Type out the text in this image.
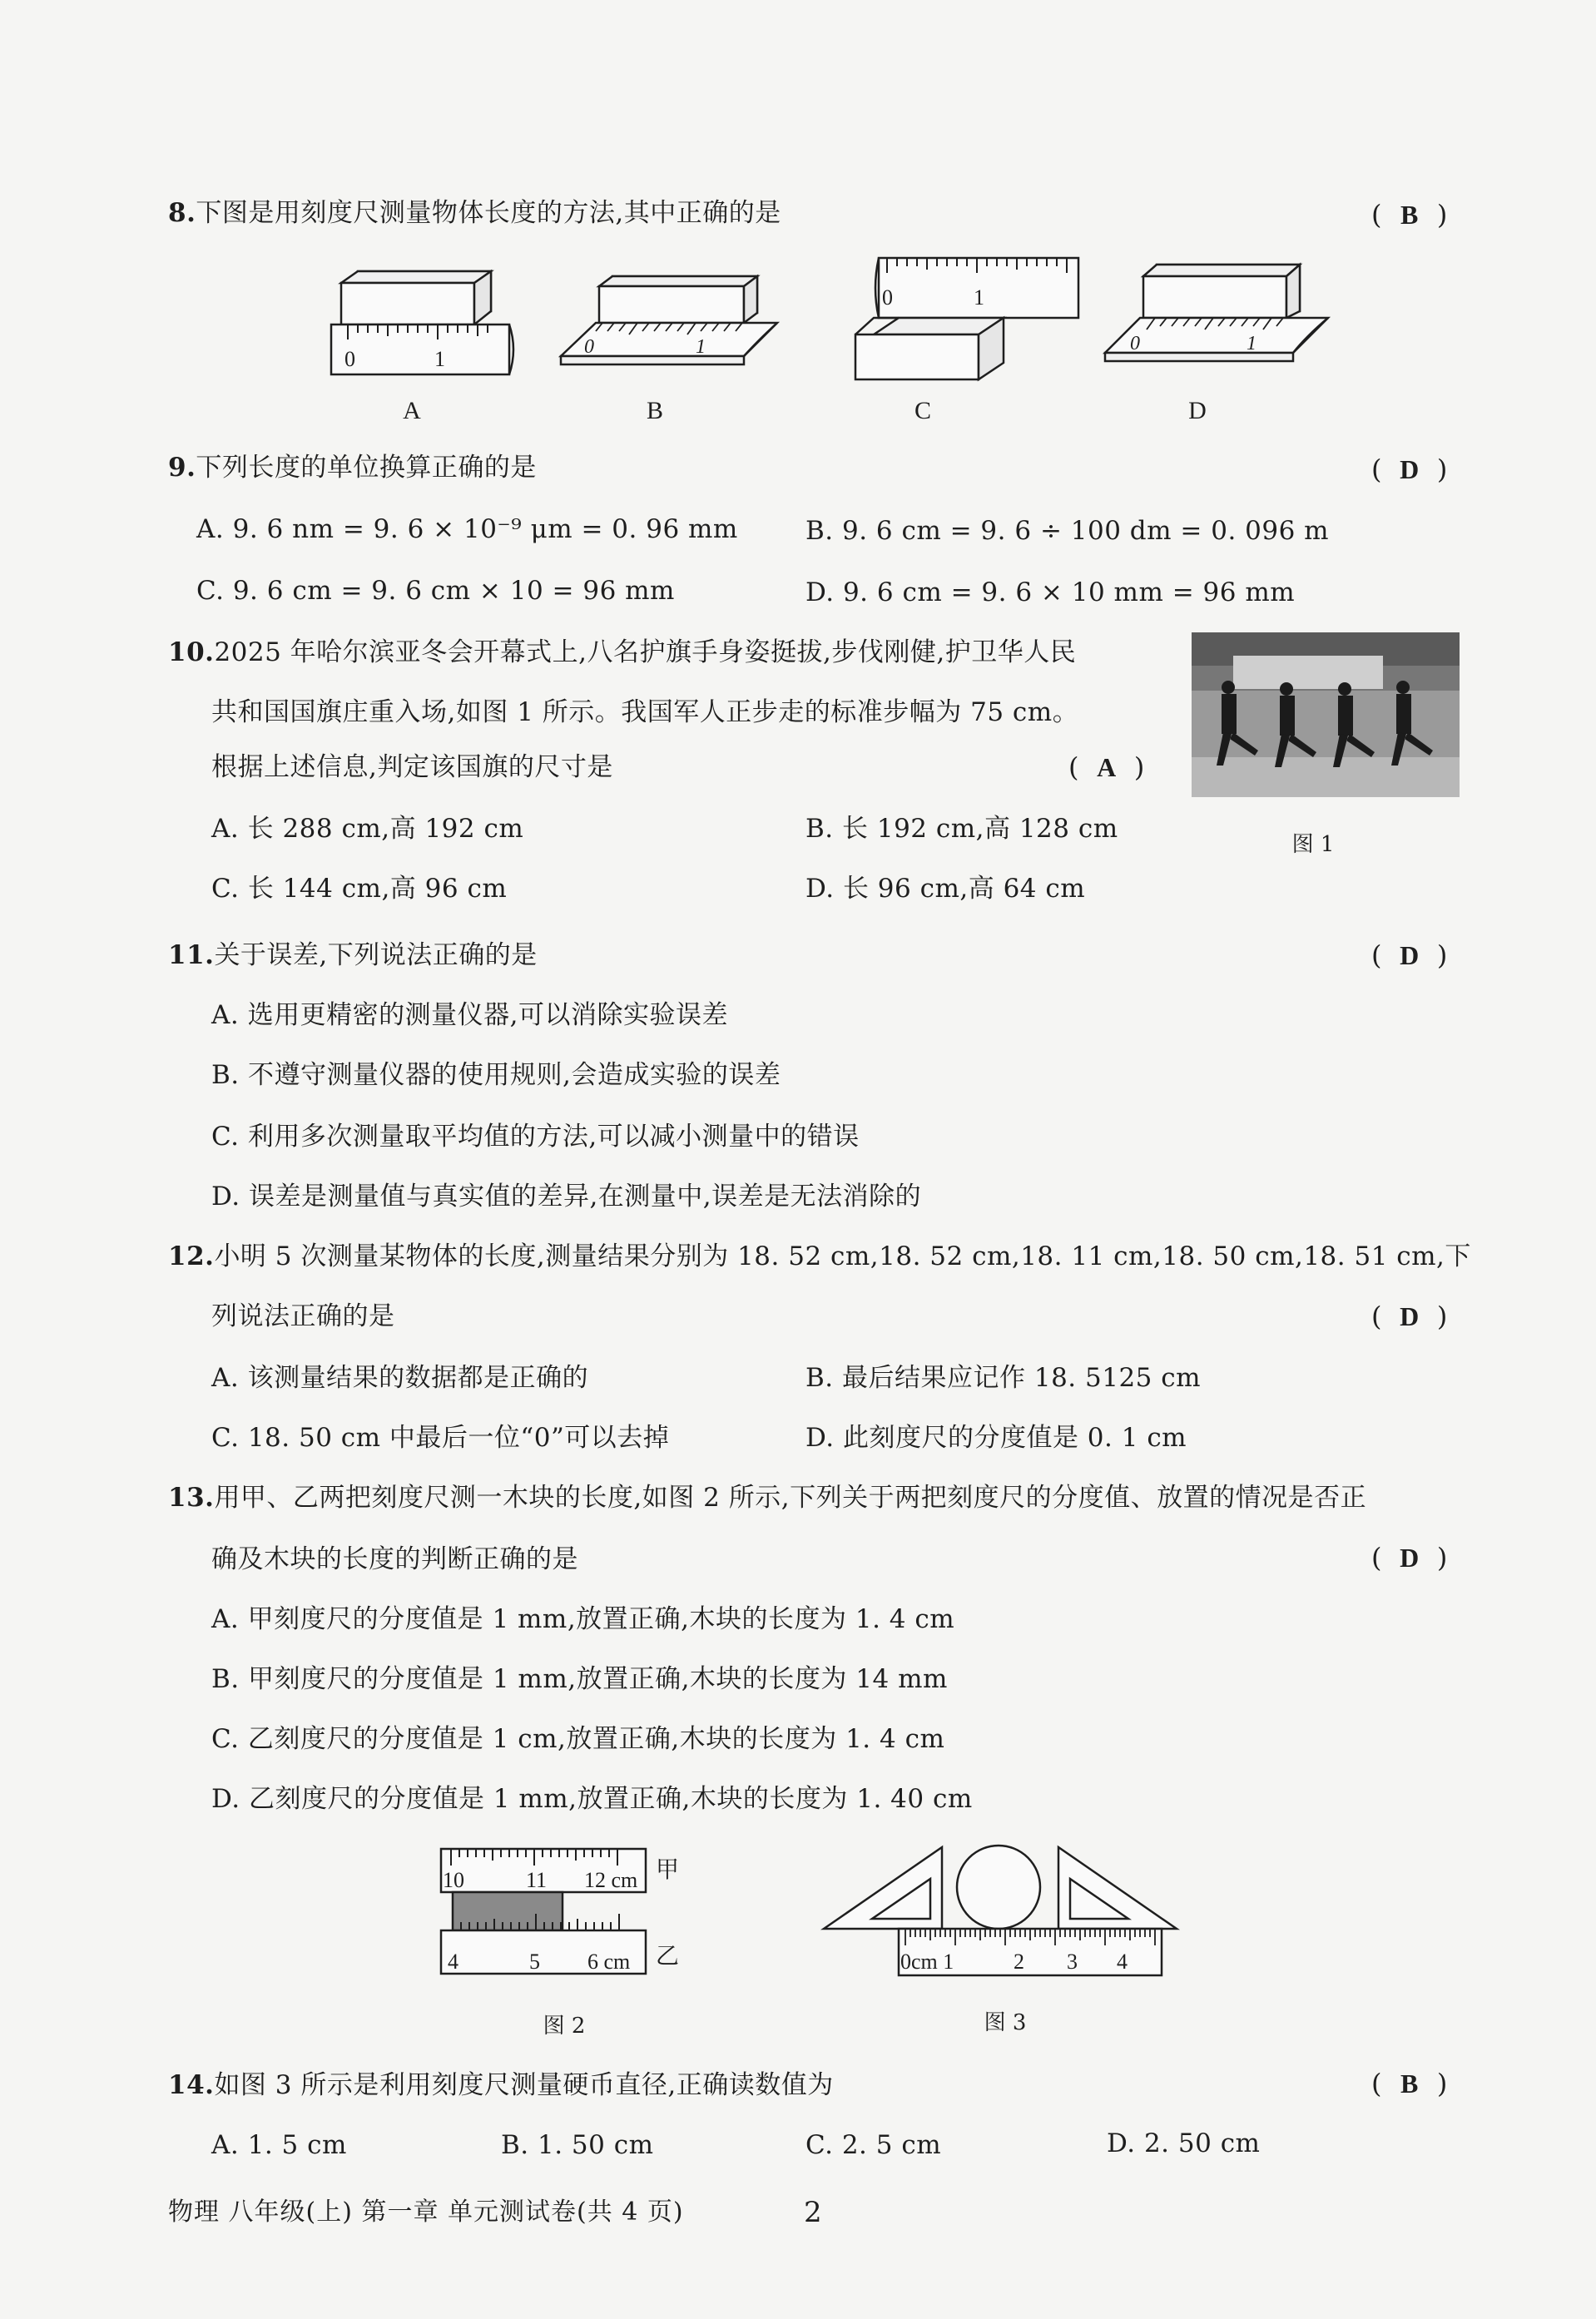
8.下图是用刻度尺测量物体长度的方法,其中正确的是	( B )
0	1
A
0	1
B
0	1
C
0	1
D
9.下列长度的单位换算正确的是	( D )
A. 9. 6 nm = 9. 6 × 10⁻⁹ μm = 0. 96 mm	B. 9. 6 cm = 9. 6 ÷ 100 dm = 0. 096 m
C. 9. 6 cm = 9. 6 cm × 10 = 96 mm	D. 9. 6 cm = 9. 6 × 10 mm = 96 mm
10.2025 年哈尔滨亚冬会开幕式上,八名护旗手身姿挺拔,步伐刚健,护卫华人民
共和国国旗庄重入场,如图 1 所示。我国军人正步走的标准步幅为 75 cm。
根据上述信息,判定该国旗的尺寸是	( A )
图 1
A. 长 288 cm,高 192 cm	B. 长 192 cm,高 128 cm
C. 长 144 cm,高 96 cm	D. 长 96 cm,高 64 cm
11.关于误差,下列说法正确的是	( D )
A. 选用更精密的测量仪器,可以消除实验误差
B. 不遵守测量仪器的使用规则,会造成实验的误差
C. 利用多次测量取平均值的方法,可以减小测量中的错误
D. 误差是测量值与真实值的差异,在测量中,误差是无法消除的
12.小明 5 次测量某物体的长度,测量结果分别为 18. 52 cm,18. 52 cm,18. 11 cm,18. 50 cm,18. 51 cm,下
列说法正确的是	( D )
A. 该测量结果的数据都是正确的	B. 最后结果应记作 18. 5125 cm
C. 18. 50 cm 中最后一位“0”可以去掉	D. 此刻度尺的分度值是 0. 1 cm
13.用甲、乙两把刻度尺测一木块的长度,如图 2 所示,下列关于两把刻度尺的分度值、放置的情况是否正
确及木块的长度的判断正确的是	( D )
A. 甲刻度尺的分度值是 1 mm,放置正确,木块的长度为 1. 4 cm
B. 甲刻度尺的分度值是 1 mm,放置正确,木块的长度为 14 mm
C. 乙刻度尺的分度值是 1 cm,放置正确,木块的长度为 1. 4 cm
D. 乙刻度尺的分度值是 1 mm,放置正确,木块的长度为 1. 40 cm
10	11 12 cm
4	5 6 cm
甲
乙
图 2
0cm 1	2 3 4
图 3
14.如图 3 所示是利用刻度尺测量硬币直径,正确读数值为	( B )
A. 1. 5 cm	B. 1. 50 cm	C. 2. 5 cm	D. 2. 50 cm
物理 八年级(上) 第一章 单元测试卷(共 4 页)	2
